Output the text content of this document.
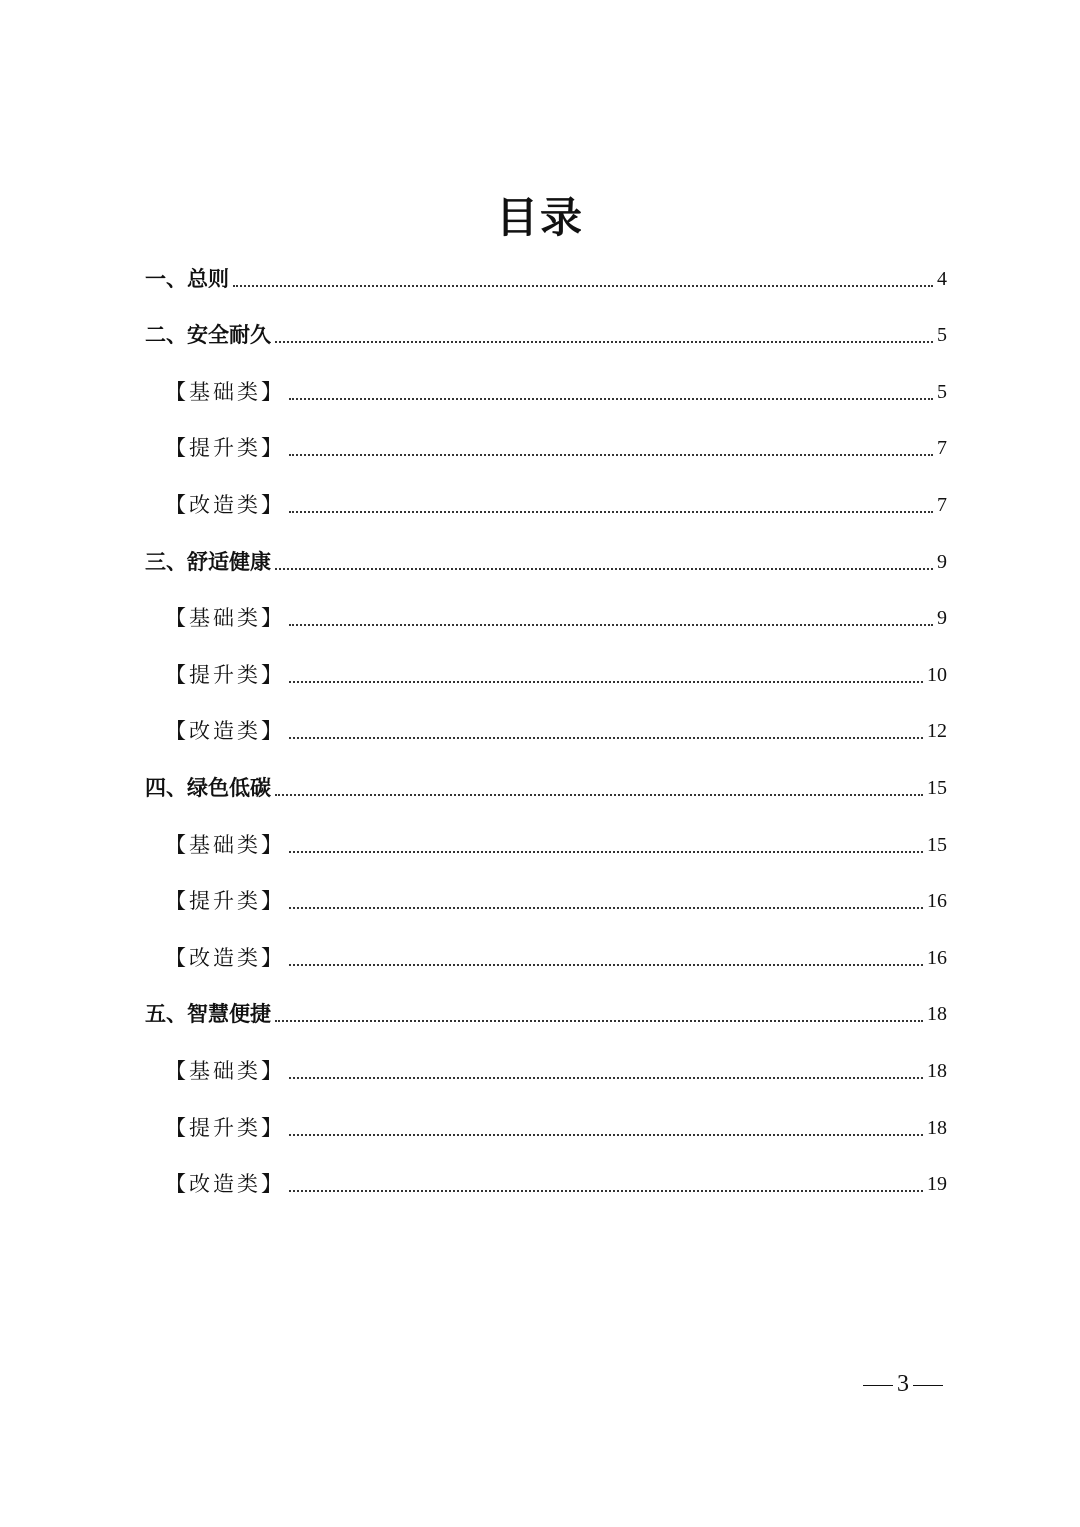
目录
一、总则	4
二、安全耐久	5
【基础类】	5
【提升类】	7
【改造类】	7
三、舒适健康	9
【基础类】	9
【提升类】	10
【改造类】	12
四、绿色低碳	15
【基础类】	15
【提升类】	16
【改造类】	16
五、智慧便捷	18
【基础类】	18
【提升类】	18
【改造类】	19
3
